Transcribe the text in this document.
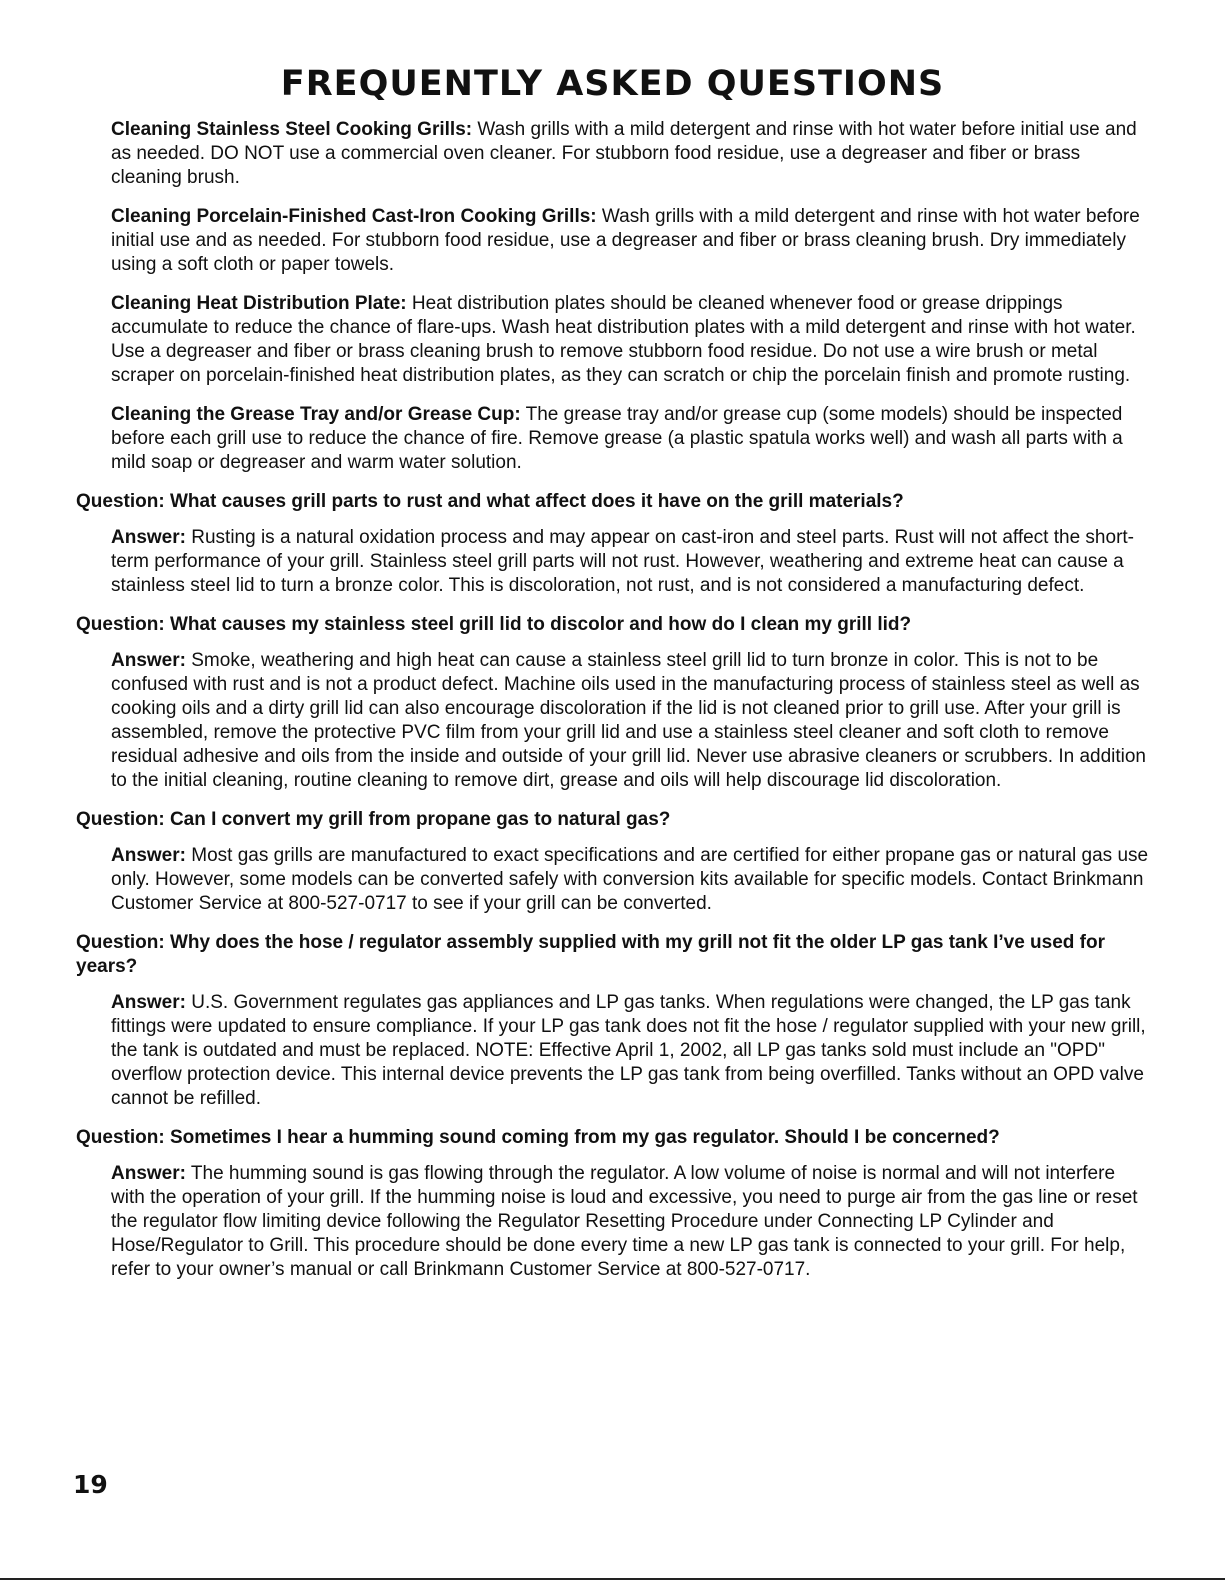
FREQUENTLY ASKED QUESTIONS

Cleaning Stainless Steel Cooking Grills: Wash grills with a mild detergent and rinse with hot water before initial use and as needed. DO NOT use a commercial oven cleaner. For stubborn food residue, use a degreaser and fiber or brass cleaning brush.

Cleaning Porcelain-Finished Cast-Iron Cooking Grills: Wash grills with a mild detergent and rinse with hot water before initial use and as needed. For stubborn food residue, use a degreaser and fiber or brass cleaning brush. Dry immediately using a soft cloth or paper towels.

Cleaning Heat Distribution Plate: Heat distribution plates should be cleaned whenever food or grease drippings accumulate to reduce the chance of flare-ups. Wash heat distribution plates with a mild detergent and rinse with hot water. Use a degreaser and fiber or brass cleaning brush to remove stubborn food residue. Do not use a wire brush or metal scraper on porcelain-finished heat distribution plates, as they can scratch or chip the porcelain finish and promote rusting.

Cleaning the Grease Tray and/or Grease Cup: The grease tray and/or grease cup (some models) should be inspected before each grill use to reduce the chance of fire. Remove grease (a plastic spatula works well) and wash all parts with a mild soap or degreaser and warm water solution.

Question: What causes grill parts to rust and what affect does it have on the grill materials?

Answer: Rusting is a natural oxidation process and may appear on cast-iron and steel parts. Rust will not affect the short-term performance of your grill. Stainless steel grill parts will not rust. However, weathering and extreme heat can cause a stainless steel lid to turn a bronze color. This is discoloration, not rust, and is not considered a manufacturing defect.

Question: What causes my stainless steel grill lid to discolor and how do I clean my grill lid?

Answer: Smoke, weathering and high heat can cause a stainless steel grill lid to turn bronze in color. This is not to be confused with rust and is not a product defect. Machine oils used in the manufacturing process of stainless steel as well as cooking oils and a dirty grill lid can also encourage discoloration if the lid is not cleaned prior to grill use. After your grill is assembled, remove the protective PVC film from your grill lid and use a stainless steel cleaner and soft cloth to remove residual adhesive and oils from the inside and outside of your grill lid. Never use abrasive cleaners or scrubbers. In addition to the initial cleaning, routine cleaning to remove dirt, grease and oils will help discourage lid discoloration.

Question: Can I convert my grill from propane gas to natural gas?

Answer: Most gas grills are manufactured to exact specifications and are certified for either propane gas or natural gas use only. However, some models can be converted safely with conversion kits available for specific models. Contact Brinkmann Customer Service at 800-527-0717 to see if your grill can be converted.

Question: Why does the hose / regulator assembly supplied with my grill not fit the older LP gas tank I’ve used for years?

Answer: U.S. Government regulates gas appliances and LP gas tanks. When regulations were changed, the LP gas tank fittings were updated to ensure compliance. If your LP gas tank does not fit the hose / regulator supplied with your new grill, the tank is outdated and must be replaced. NOTE: Effective April 1, 2002, all LP gas tanks sold must include an "OPD" overflow protection device. This internal device prevents the LP gas tank from being overfilled. Tanks without an OPD valve cannot be refilled.

Question: Sometimes I hear a humming sound coming from my gas regulator. Should I be concerned?

Answer: The humming sound is gas flowing through the regulator. A low volume of noise is normal and will not interfere with the operation of your grill. If the humming noise is loud and excessive, you need to purge air from the gas line or reset the regulator flow limiting device following the Regulator Resetting Procedure under Connecting LP Cylinder and Hose/Regulator to Grill. This procedure should be done every time a new LP gas tank is connected to your grill. For help, refer to your owner’s manual or call Brinkmann Customer Service at 800-527-0717.

19
